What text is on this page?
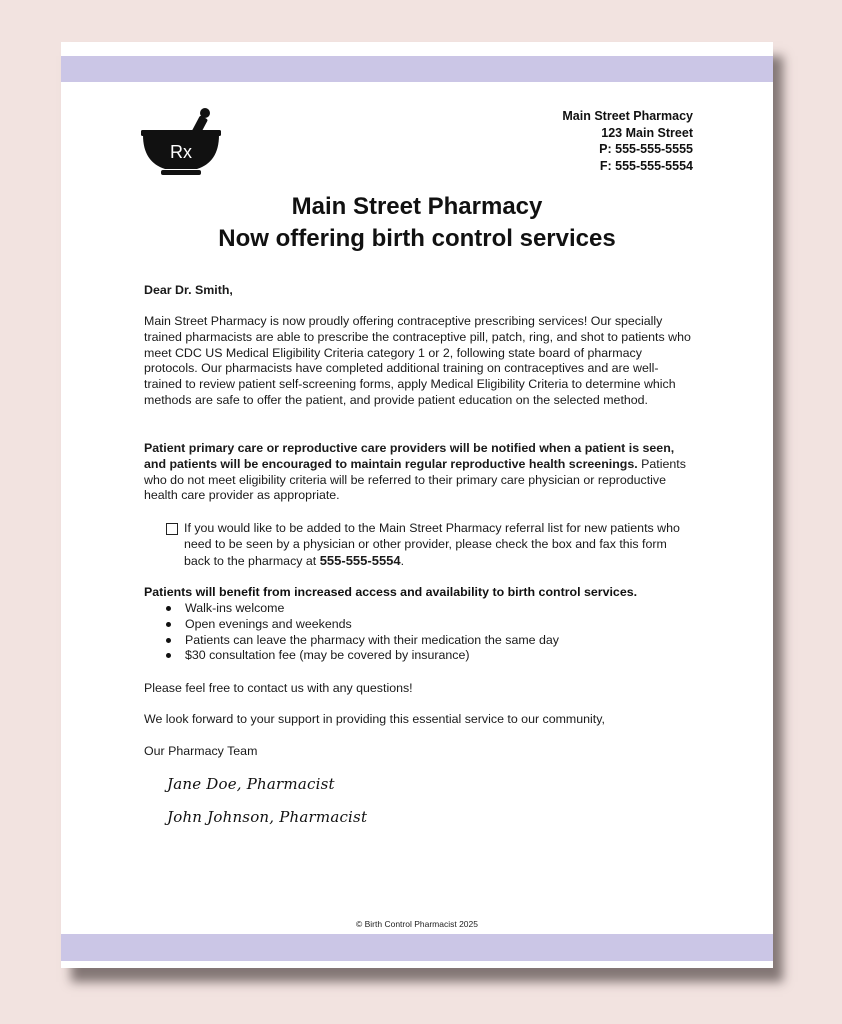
Rx
Main Street Pharmacy
123 Main Street
P: 555-555-5555
F: 555-555-5554
Main Street Pharmacy
Now offering birth control services
Dear Dr. Smith,
Main Street Pharmacy is now proudly offering contraceptive prescribing services! Our specially trained pharmacists are able to prescribe the contraceptive pill, patch, ring, and shot to patients who meet CDC US Medical Eligibility Criteria category 1 or 2, following state board of pharmacy protocols. Our pharmacists have completed additional training on contraceptives and are well-trained to review patient self-screening forms, apply Medical Eligibility Criteria to determine which methods are safe to offer the patient, and provide patient education on the selected method.
Patient primary care or reproductive care providers will be notified when a patient is seen, and patients will be encouraged to maintain regular reproductive health screenings. Patients who do not meet eligibility criteria will be referred to their primary care physician or reproductive health care provider as appropriate.
If you would like to be added to the Main Street Pharmacy referral list for new patients who need to be seen by a physician or other provider, please check the box and fax this form back to the pharmacy at 555-555-5554.
Patients will benefit from increased access and availability to birth control services.
Walk-ins welcome
Open evenings and weekends
Patients can leave the pharmacy with their medication the same day
$30 consultation fee (may be covered by insurance)
Please feel free to contact us with any questions!
We look forward to your support in providing this essential service to our community,
Our Pharmacy Team
Jane Doe, Pharmacist
John Johnson, Pharmacist
© Birth Control Pharmacist 2025
